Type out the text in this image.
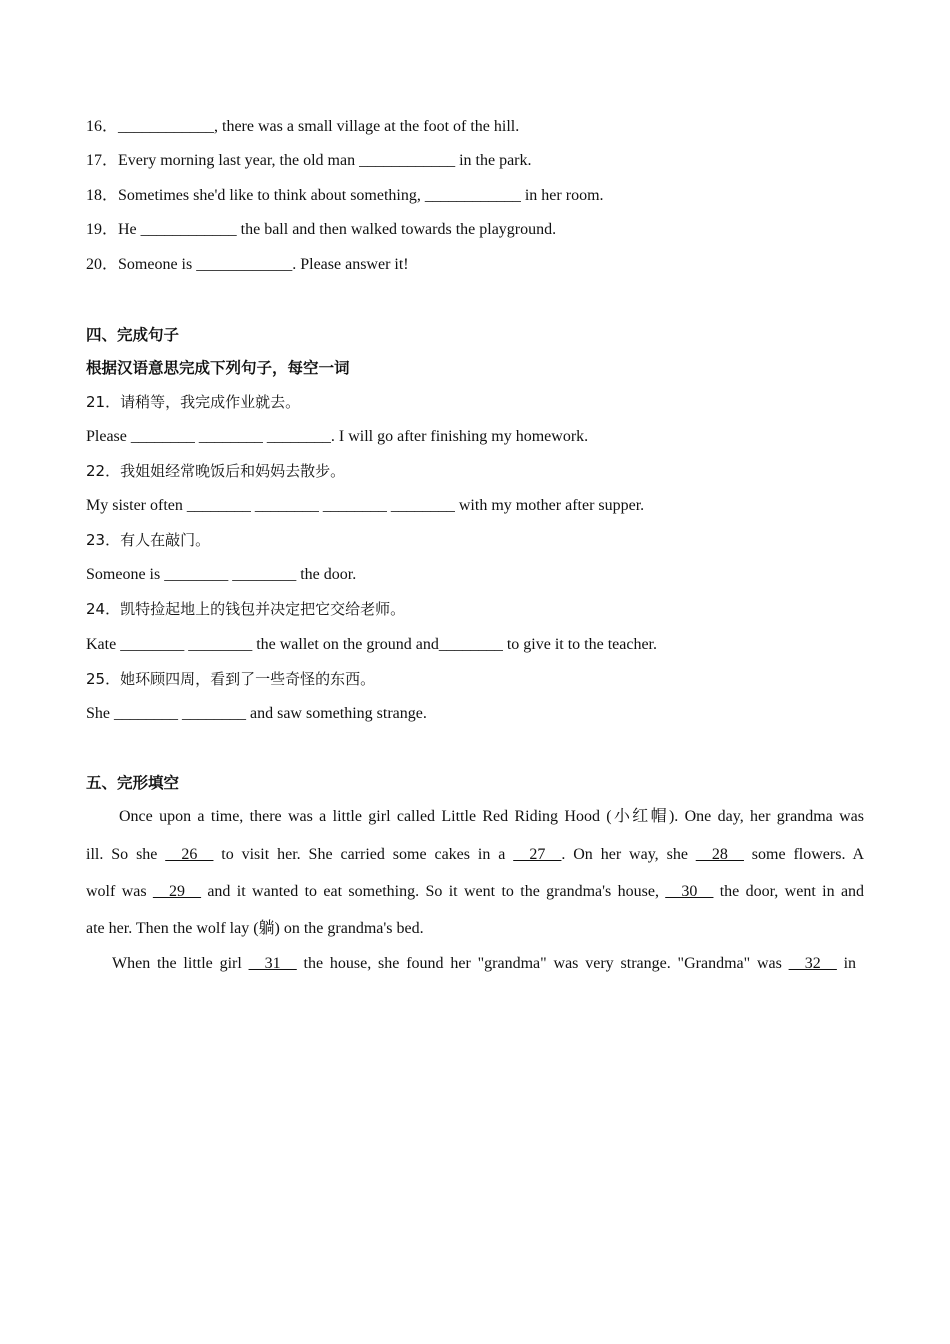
16．____________, there was a small village at the foot of the hill.
17．Every morning last year, the old man ____________ in the park.
18．Sometimes she'd like to think about something, ____________ in her room.
19．He ____________ the ball and then walked towards the playground.
20．Someone is ____________. Please answer it!
四、完成句子
根据汉语意思完成下列句子，每空一词
21．请稍等，我完成作业就去。
Please ________ ________ ________. I will go after finishing my homework.
22．我姐姐经常晚饭后和妈妈去散步。
My sister often ________ ________ ________ ________ with my mother after supper.
23．有人在敲门。
Someone is ________ ________ the door.
24．凯特捡起地上的钱包并决定把它交给老师。
Kate ________ ________ the wallet on the ground and________ to give it to the teacher.
25．她环顾四周，看到了一些奇怪的东西。
She ________ ________ and saw something strange.
五、完形填空
Once upon a time, there was a little girl called Little Red Riding Hood (小红帽). One day, her grandma was
ill. So she __26__ to visit her. She carried some cakes in a __27__. On her way, she __28__ some flowers. A
wolf was __29__ and it wanted to eat something. So it went to the grandma's house, __30__ the door, went in and
ate her. Then the wolf lay (躺) on the grandma's bed.
When the little girl __31__ the house, she found her "grandma" was very strange. "Grandma" was __32__ in
